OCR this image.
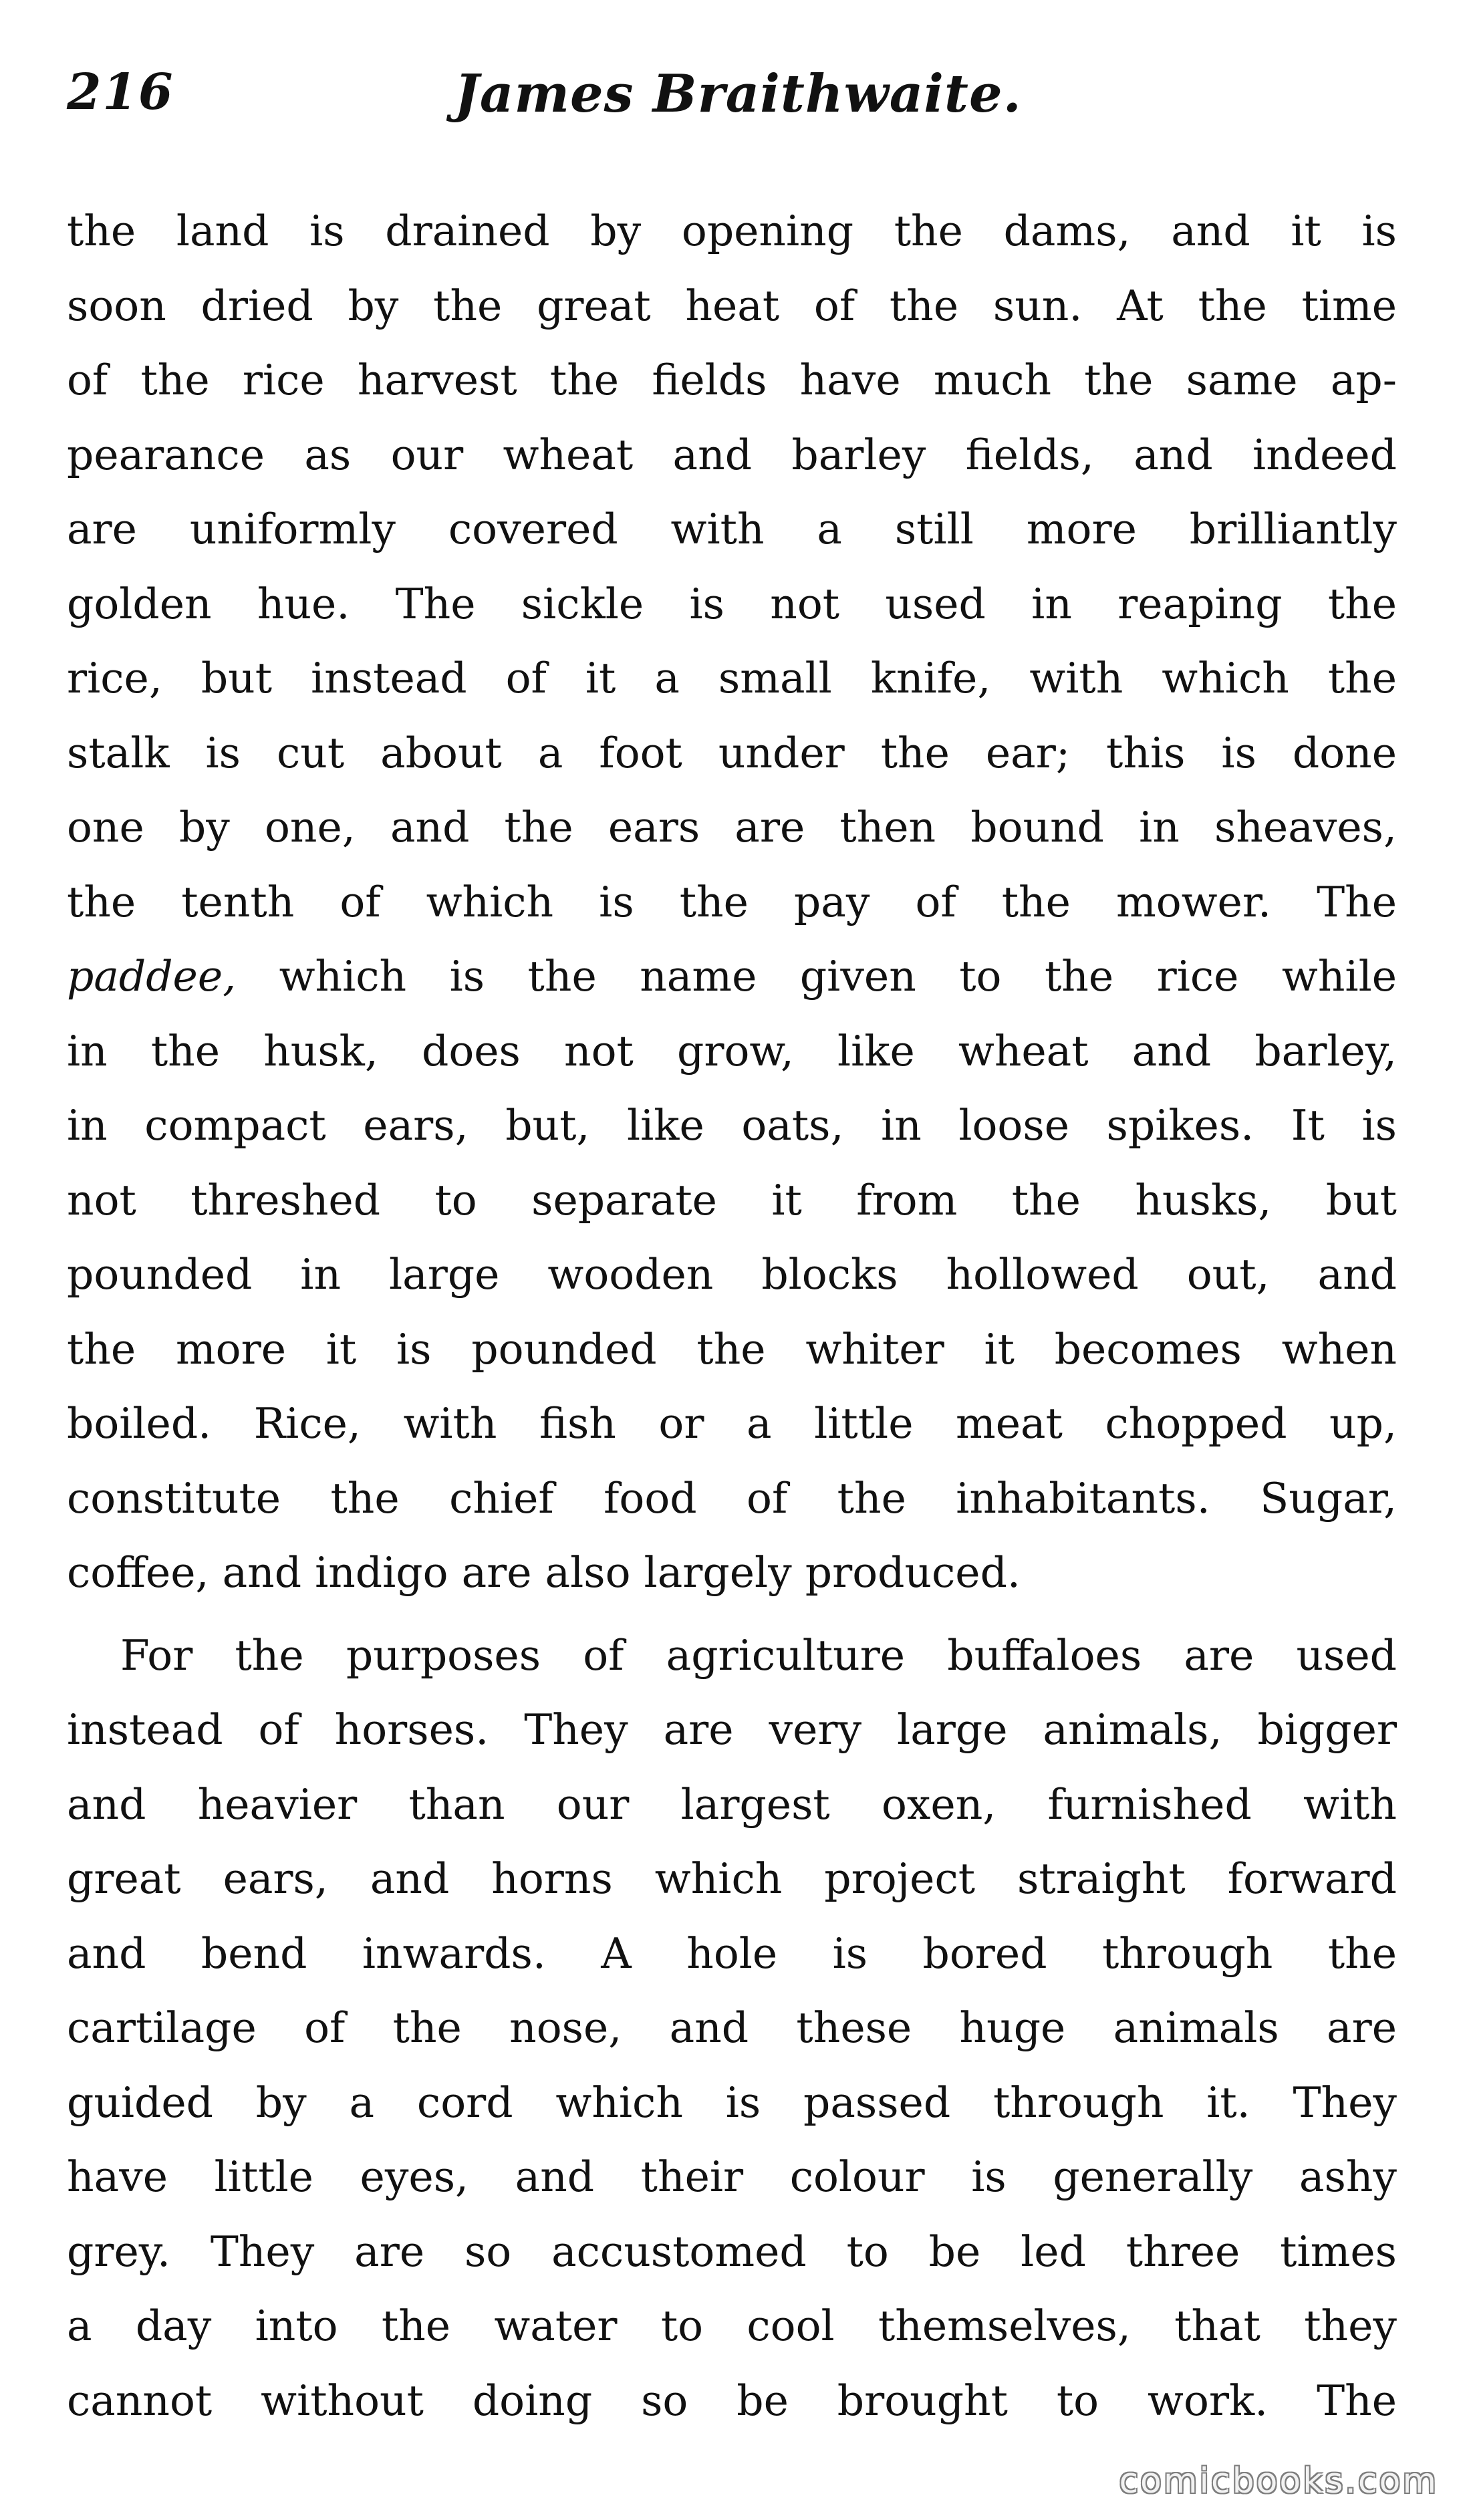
216	James Braithwaite.
the land is drained by opening the dams, and it is
soon dried by the great heat of the sun. At the time
of the rice harvest the fields have much the same ap-
pearance as our wheat and barley fields, and indeed
are uniformly covered with a still more brilliantly
golden hue. The sickle is not used in reaping the
rice, but instead of it a small knife, with which the
stalk is cut about a foot under the ear; this is done
one by one, and the ears are then bound in sheaves,
the tenth of which is the pay of the mower. The
paddee, which is the name given to the rice while
in the husk, does not grow, like wheat and barley,
in compact ears, but, like oats, in loose spikes. It is
not threshed to separate it from the husks, but
pounded in large wooden blocks hollowed out, and
the more it is pounded the whiter it becomes when
boiled. Rice, with fish or a little meat chopped up,
constitute the chief food of the inhabitants. Sugar,
coffee, and indigo are also largely produced.
For the purposes of agriculture buffaloes are used
instead of horses. They are very large animals, bigger
and heavier than our largest oxen, furnished with
great ears, and horns which project straight forward
and bend inwards. A hole is bored through the
cartilage of the nose, and these huge animals are
guided by a cord which is passed through it. They
have little eyes, and their colour is generally ashy
grey. They are so accustomed to be led three times
a day into the water to cool themselves, that they
cannot without doing so be brought to work. The
comicbooks.com
